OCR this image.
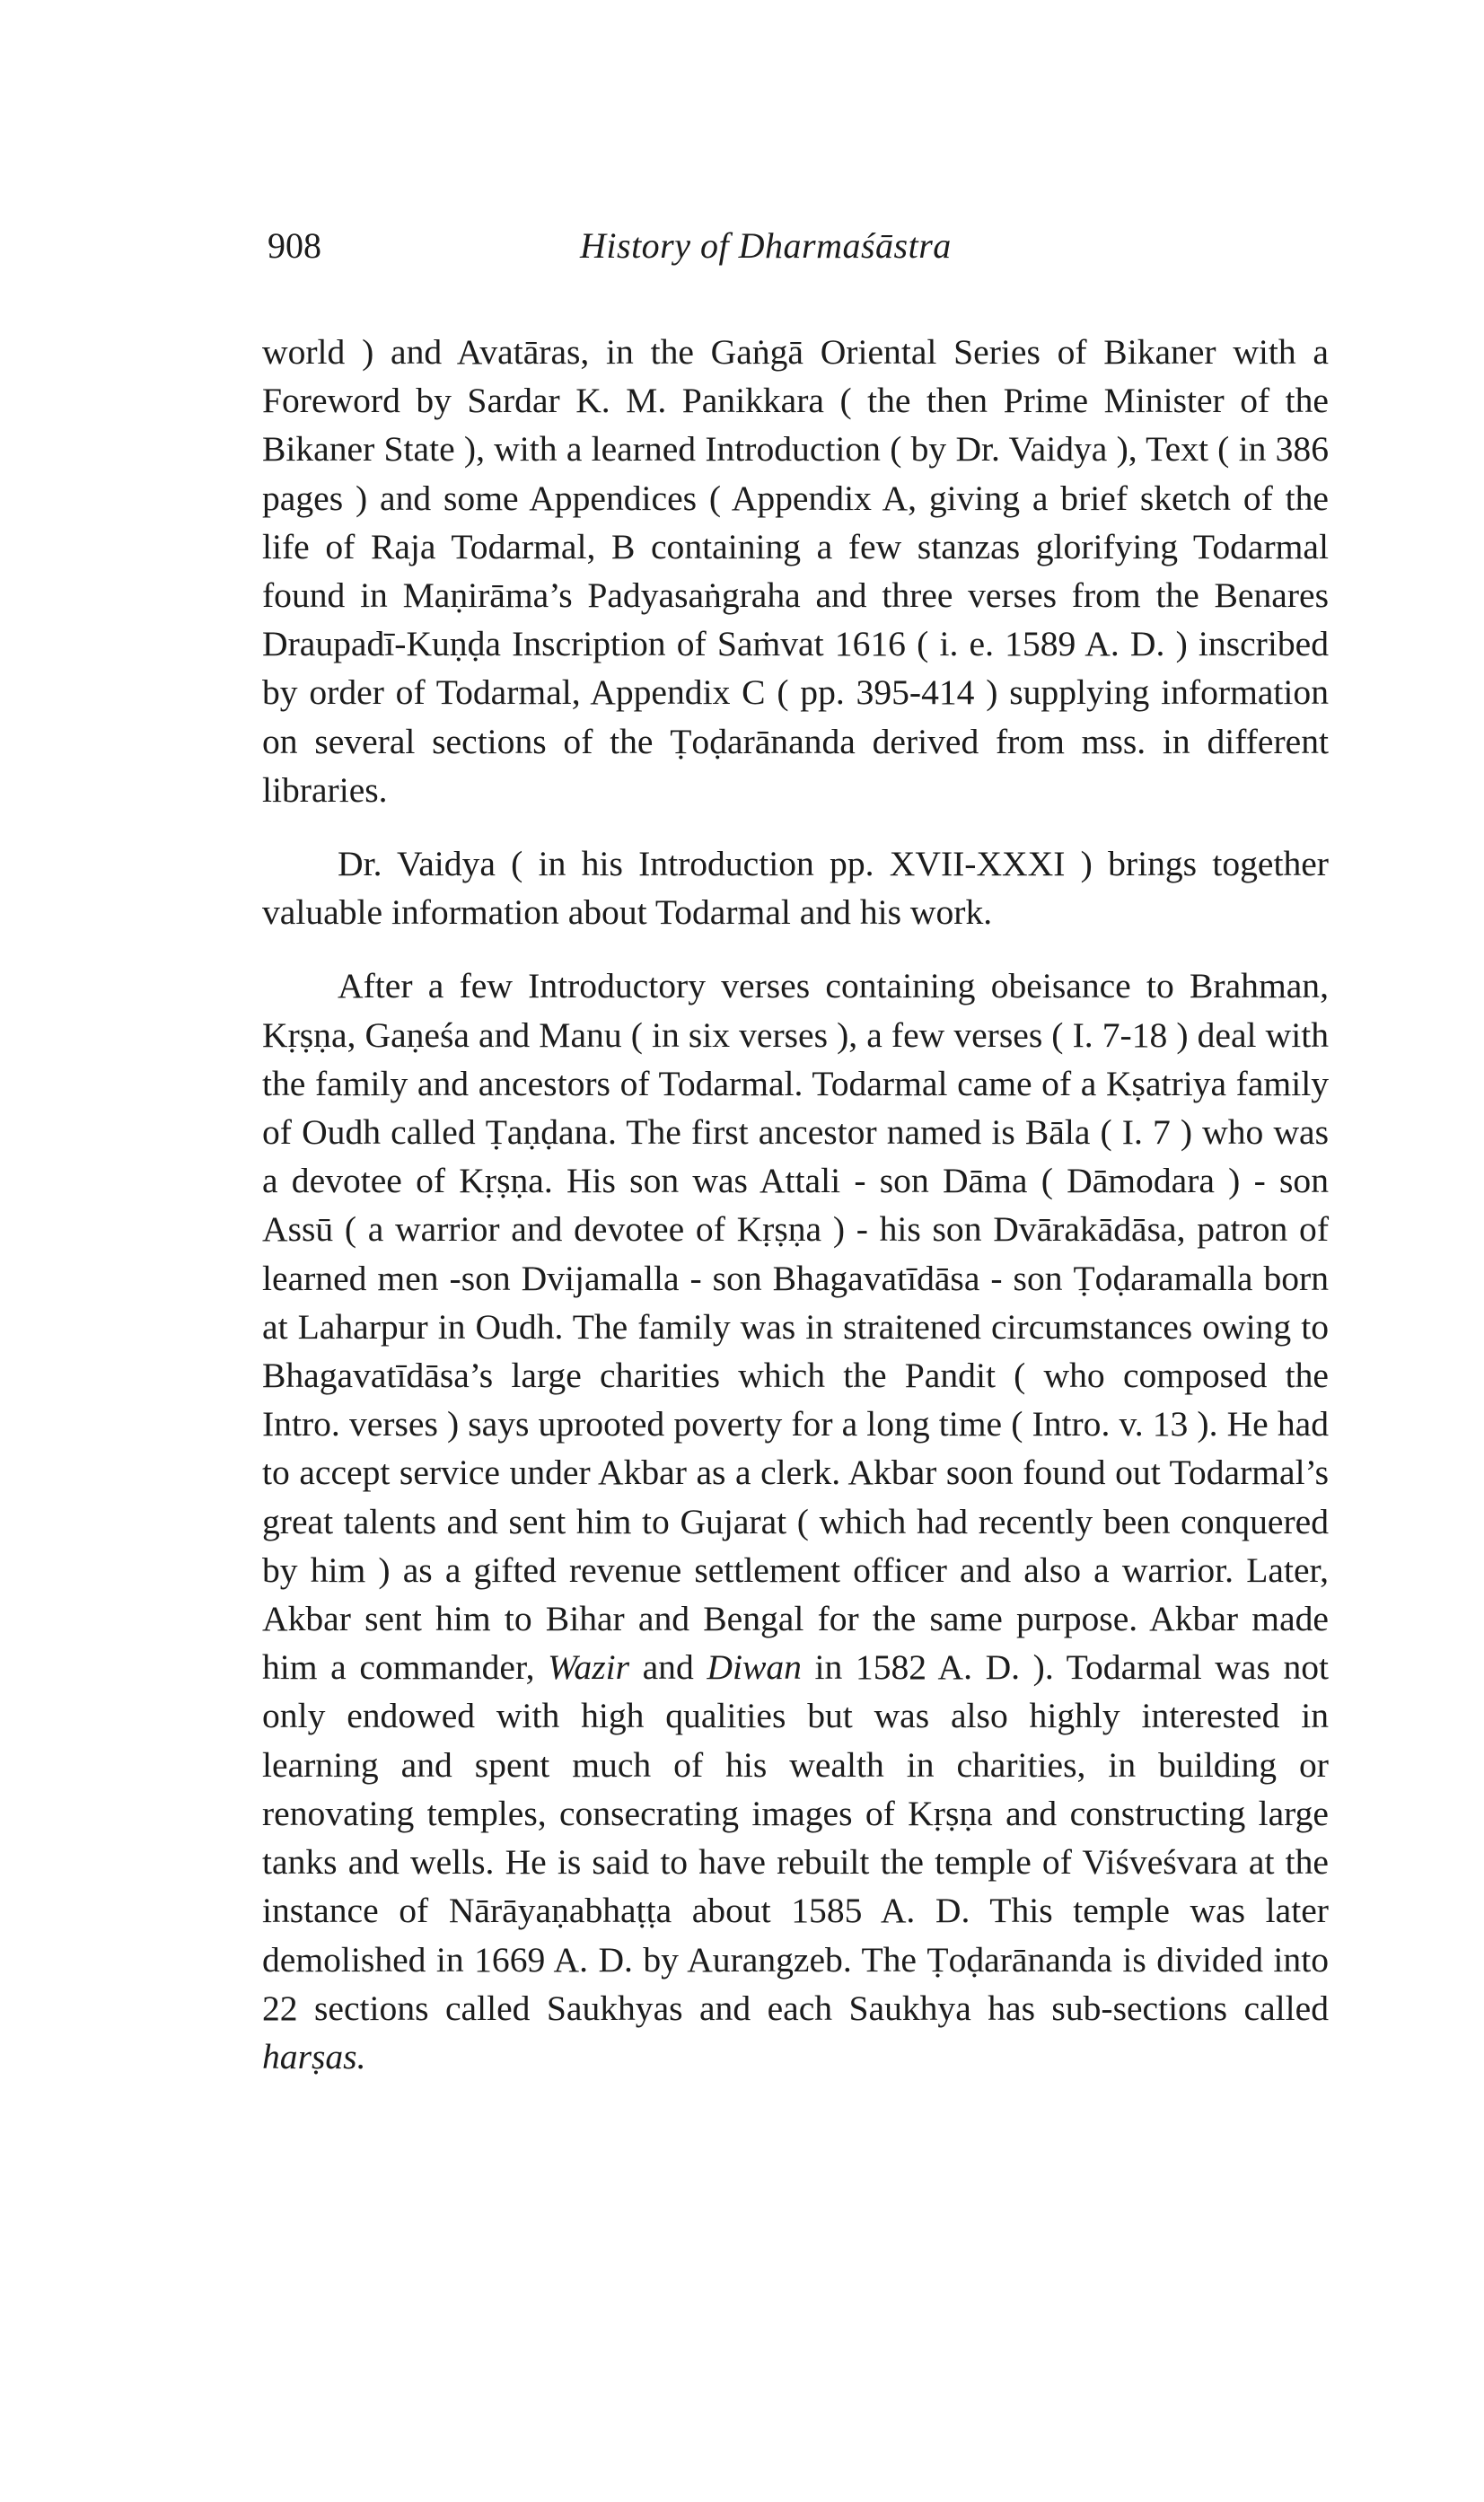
908	History of Dharmaśāstra

world ) and Avatāras, in the Gaṅgā Oriental Series of Bikaner with a Foreword by Sardar K. M. Panikkara ( the then Prime Minister of the Bikaner State ), with a learned Introduction ( by Dr. Vaidya ), Text ( in 386 pages ) and some Appendices ( Appendix A, giving a brief sketch of the life of Raja Todarmal, B containing a few stanzas glorifying Todarmal found in Maṇirāma’s Padyasaṅgraha and three verses from the Benares Draupadī-Kuṇḍa Inscription of Saṁvat 1616 ( i. e. 1589 A. D. ) inscribed by order of Todarmal, Appendix C ( pp. 395-414 ) supplying information on several sections of the Ṭoḍarānanda derived from mss. in different libraries.

Dr. Vaidya ( in his Introduction pp. XVII-XXXI ) brings together valuable information about Todarmal and his work.

After a few Introductory verses containing obeisance to Brahman, Kṛṣṇa, Gaṇeśa and Manu ( in six verses ), a few verses ( I. 7-18 ) deal with the family and ancestors of Todarmal. Todarmal came of a Kṣatriya family of Oudh called Ṭaṇḍana. The first ancestor named is Bāla ( I. 7 ) who was a devotee of Kṛṣṇa. His son was Attali - son Dāma ( Dāmodara ) - son Assū ( a warrior and devotee of Kṛṣṇa ) - his son Dvārakādāsa, patron of learned men -son Dvijamalla - son Bhagavatīdāsa - son Ṭoḍaramalla born at Laharpur in Oudh. The family was in straitened circumstances owing to Bhagavatīdāsa’s large charities which the Pandit ( who composed the Intro. verses ) says uprooted poverty for a long time ( Intro. v. 13 ). He had to accept service under Akbar as a clerk. Akbar soon found out Todarmal’s great talents and sent him to Gujarat ( which had recently been conquered by him ) as a gifted revenue settlement officer and also a warrior. Later, Akbar sent him to Bihar and Bengal for the same purpose. Akbar made him a commander, Wazir and Diwan in 1582 A. D. ). Todarmal was not only endowed with high qualities but was also highly interested in learning and spent much of his wealth in charities, in building or renovating temples, consecrating images of Kṛṣṇa and constructing large tanks and wells. He is said to have rebuilt the temple of Viśveśvara at the instance of Nārāyaṇabhaṭṭa about 1585 A. D. This temple was later demolished in 1669 A. D. by Aurangzeb. The Ṭoḍarānanda is divided into 22 sections called Saukhyas and each Saukhya has sub-sections called harṣas.
